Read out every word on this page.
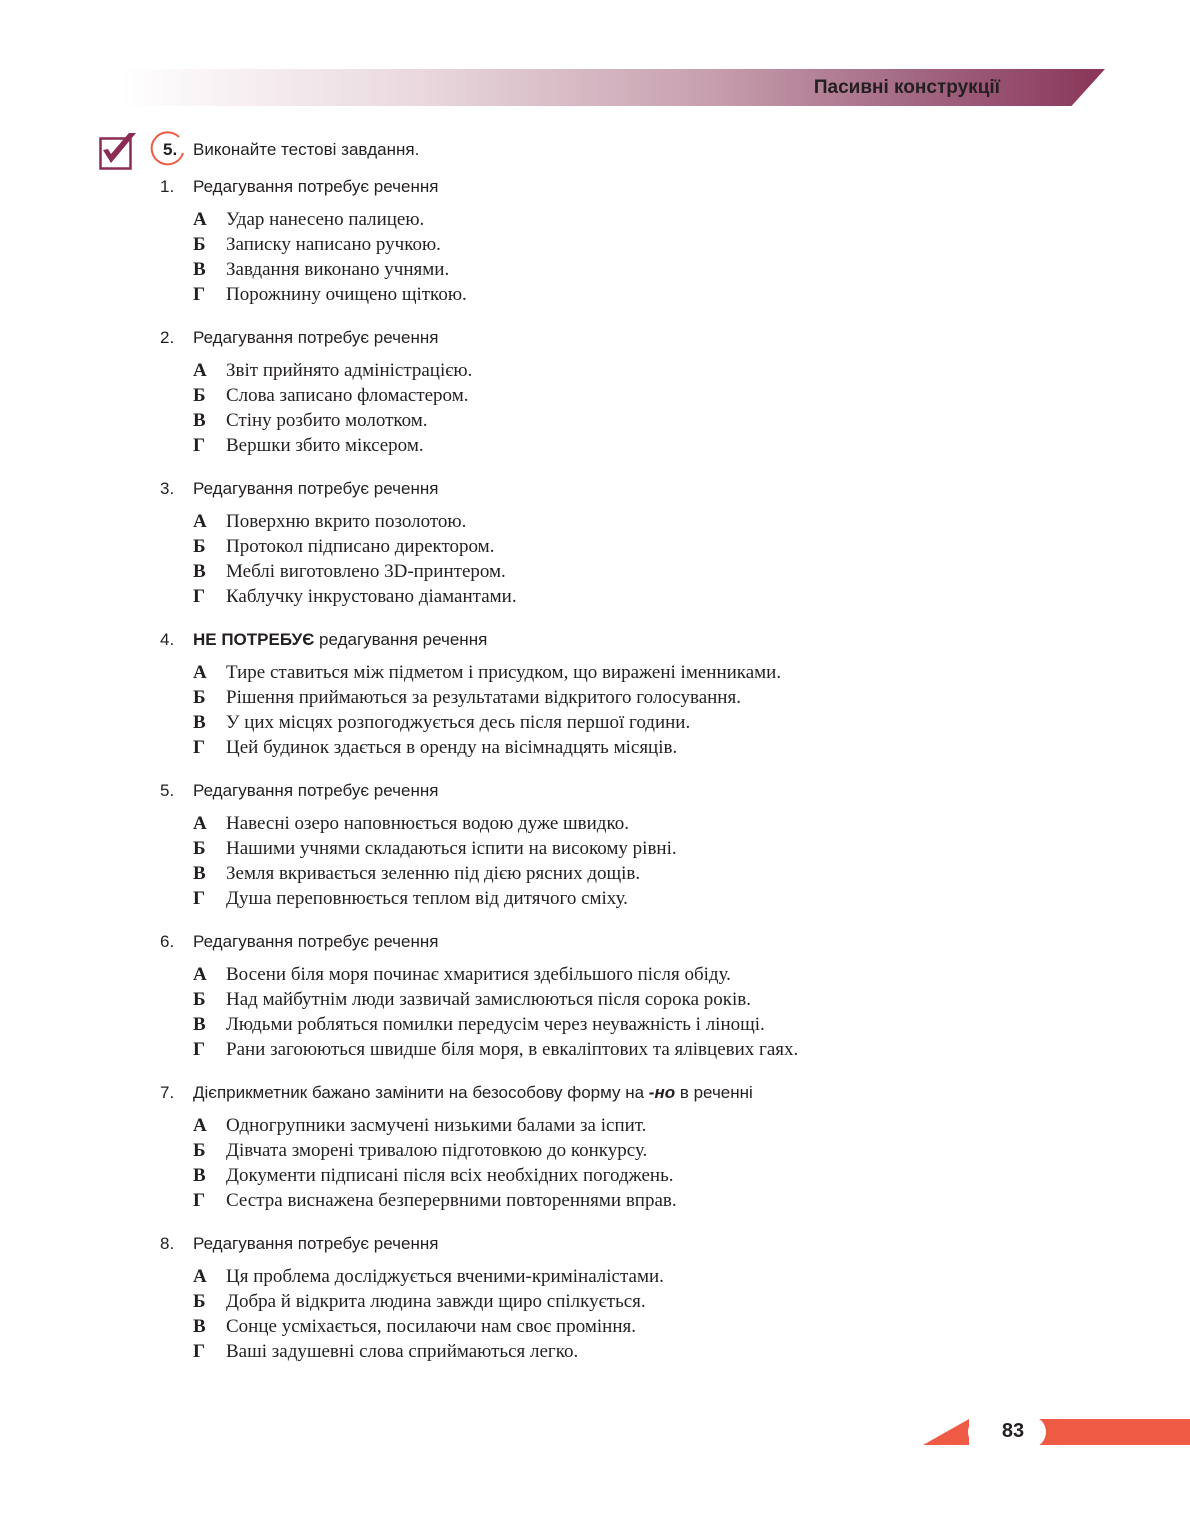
Пасивні конструкції
5. Виконайте тестові завдання.
1. Редагування потребує речення
А Удар нанесено палицею.
Б Записку написано ручкою.
В Завдання виконано учнями.
Г Порожнину очищено щіткою.
2. Редагування потребує речення
А Звіт прийнято адміністрацією.
Б Слова записано фломастером.
В Стіну розбито молотком.
Г Вершки збито міксером.
3. Редагування потребує речення
А Поверхню вкрито позолотою.
Б Протокол підписано директором.
В Меблі виготовлено 3D-принтером.
Г Каблучку інкрустовано діамантами.
4. НЕ ПОТРЕБУЄ редагування речення
А Тире ставиться між підметом і присудком, що виражені іменниками.
Б Рішення приймаються за результатами відкритого голосування.
В У цих місцях розпогоджується десь після першої години.
Г Цей будинок здається в оренду на вісімнадцять місяців.
5. Редагування потребує речення
А Навесні озеро наповнюється водою дуже швидко.
Б Нашими учнями складаються іспити на високому рівні.
В Земля вкривається зеленню під дією рясних дощів.
Г Душа переповнюється теплом від дитячого сміху.
6. Редагування потребує речення
А Восени біля моря починає хмаритися здебільшого після обіду.
Б Над майбутнім люди зазвичай замислюються після сорока років.
В Людьми робляться помилки передусім через неуважність і лінощі.
Г Рани загоюються швидше біля моря, в евкаліптових та ялівцевих гаях.
7. Дієприкметник бажано замінити на безособову форму на -но в реченні
А Одногрупники засмучені низькими балами за іспит.
Б Дівчата зморені тривалою підготовкою до конкурсу.
В Документи підписані після всіх необхідних погоджень.
Г Сестра виснажена безперервними повтореннями вправ.
8. Редагування потребує речення
А Ця проблема досліджується вченими-криміналістами.
Б Добра й відкрита людина завжди щиро спілкується.
В Сонце усміхається, посилаючи нам своє проміння.
Г Ваші задушевні слова сприймаються легко.
83
